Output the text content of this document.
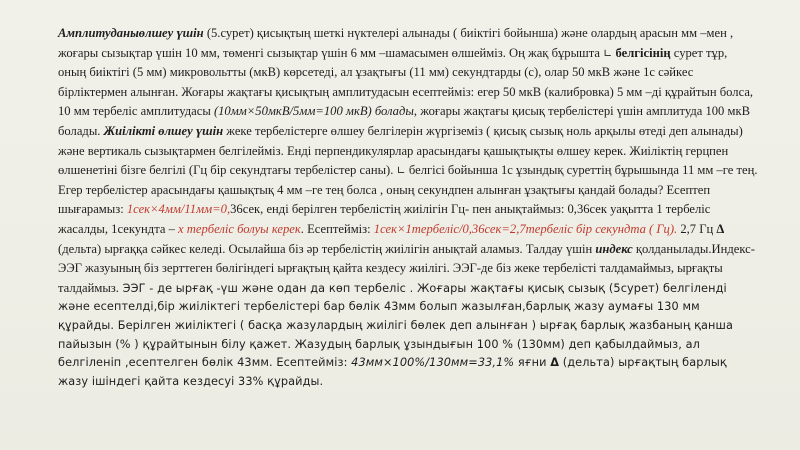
Амплитуданыөлшеу үшін (5.сурет) қисықтың шеткі нүктелері алынады ( биіктігі бойынша) және олардың арасын мм –мен , жоғары сызықтар үшін 10 мм, төменгі сызықтар үшін 6 мм –шамасымен өлшейміз. Оң жақ бұрышта ∟ белгісінің сурет тұр, оның биіктігі (5 мм) микровольтты (мкВ) көрсетеді, ал ұзақтығы (11 мм) секундтарды (с), олар 50 мкВ және 1с сәйкес бірліктермен алынған. Жоғары жақтағы қисықтың амплитудасын есептейміз: егер 50 мкВ (калибровка) 5 мм –ді құрайтын болса, 10 мм тербеліс амплитудасы (10мм×50мкВ/5мм=100 мкВ) болады, жоғары жақтағы қисық тербелістері үшін амплитуда 100 мкВ болады. Жиілікті өлшеу үшін жеке тербелістерге өлшеу белгілерін жүргіземіз ( қисық сызық ноль арқылы өтеді деп алынады) және вертикаль сызықтармен белгілейміз. Енді перпендикулярлар арасындағы қашықтықты өлшеу керек. Жиіліктің герцпен өлшенетіні бізге белгілі (Гц бір секундтағы тербелістер саны). ∟ белгісі бойынша 1с ұзындық суреттің бұрышында 11 мм –ге тең. Егер тербелістер арасындағы қашықтық 4 мм –ге тең болса , оның секундпен алынған ұзақтығы қандай болады? Есептеп шығарамыз: 1сек×4мм/11мм=0,36сек, енді берілген тербелістің жиілігін Гц- пен анықтаймыз: 0,36сек уақытта 1 тербеліс жасалды, 1секундта – х тербеліс болуы керек. Есептейміз: 1сек×1тербеліс/0,36сек=2,7тербеліс бір секундта ( Гц). 2,7 Гц Δ (дельта) ырғаққа сәйкес келеді. Осылайша біз әр тербелістің жиілігін анықтай аламыз. Талдау үшін индекс қолданылады.Индекс- ЭЭГ жазуының біз зерттеген бөлігіндегі ырғақтың қайта кездесу жиілігі. ЭЭГ-де біз жеке тербелісті талдамаймыз, ырғақты талдаймыз. ЭЭГ - де ырғақ -үш және одан да көп тербеліс . Жоғары жақтағы қисық сызық (5сурет) белгіленді және есептелді,бір жиіліктегі тербелістері бар бөлік 43мм болып жазылған,барлық жазу аумағы 130 мм құрайды. Берілген жиіліктегі ( басқа жазулардың жиілігі бөлек деп алынған ) ырғақ барлық жазбаның қанша пайызын (% ) құрайтынын білу қажет. Жазудың барлық ұзындығын 100 % (130мм) деп қабылдаймыз, ал белгіленіп ,есептелген бөлік 43мм. Есептейміз: 43мм×100%/130мм=33,1% яғни Δ (дельта) ырғақтың барлық жазу ішіндегі қайта кездесуі 33% құрайды.
